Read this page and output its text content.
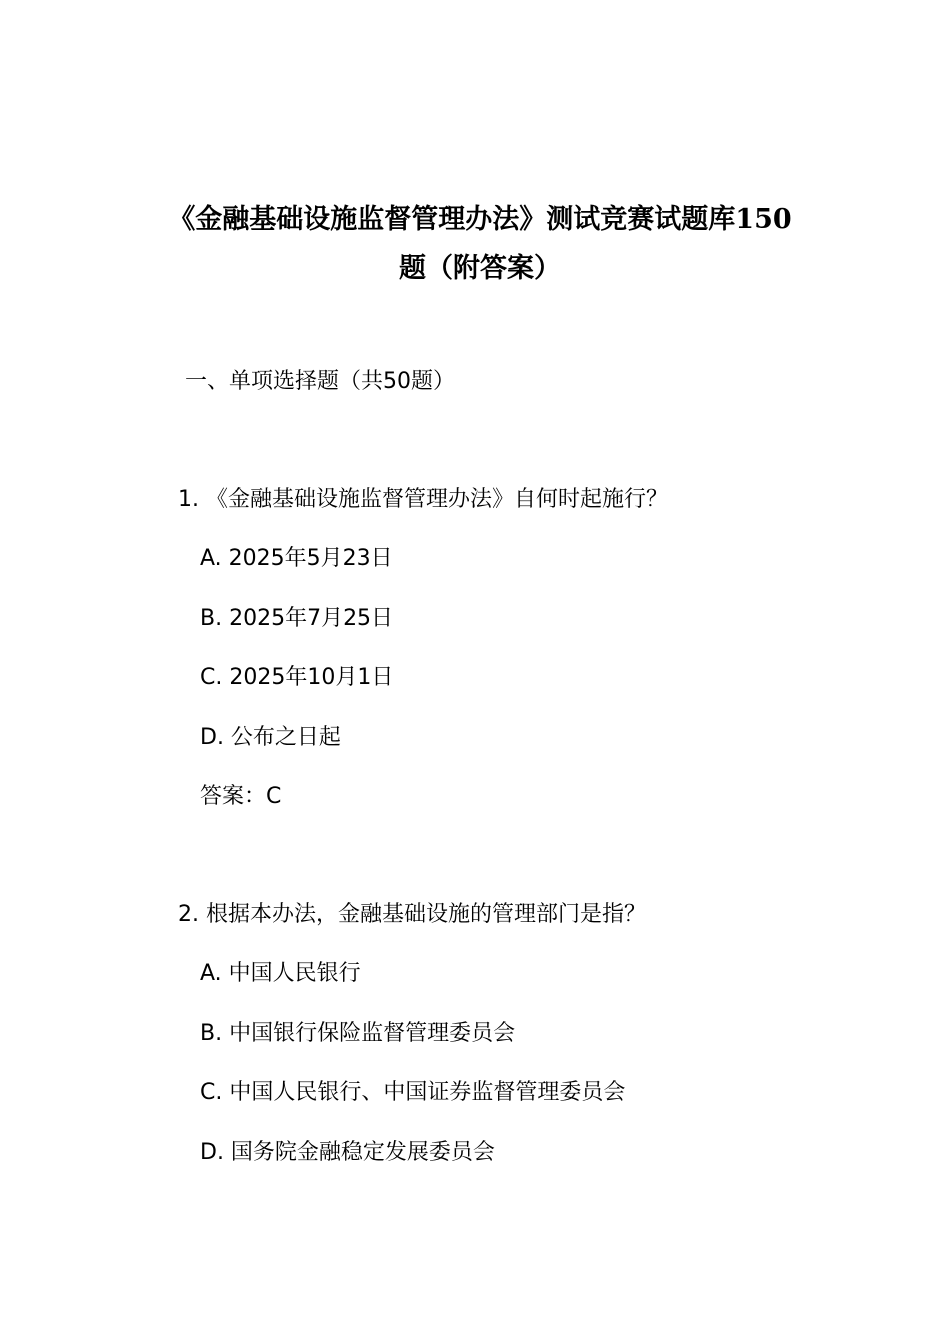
《金融基础设施监督管理办法》测试竞赛试题库150
题（附答案）
一、单项选择题（共50题）
1. 《金融基础设施监督管理办法》自何时起施行？
A. 2025年5月23日
B. 2025年7月25日
C. 2025年10月1日
D. 公布之日起
答案：C
2. 根据本办法，金融基础设施的管理部门是指？
A. 中国人民银行
B. 中国银行保险监督管理委员会
C. 中国人民银行、中国证券监督管理委员会
D. 国务院金融稳定发展委员会
